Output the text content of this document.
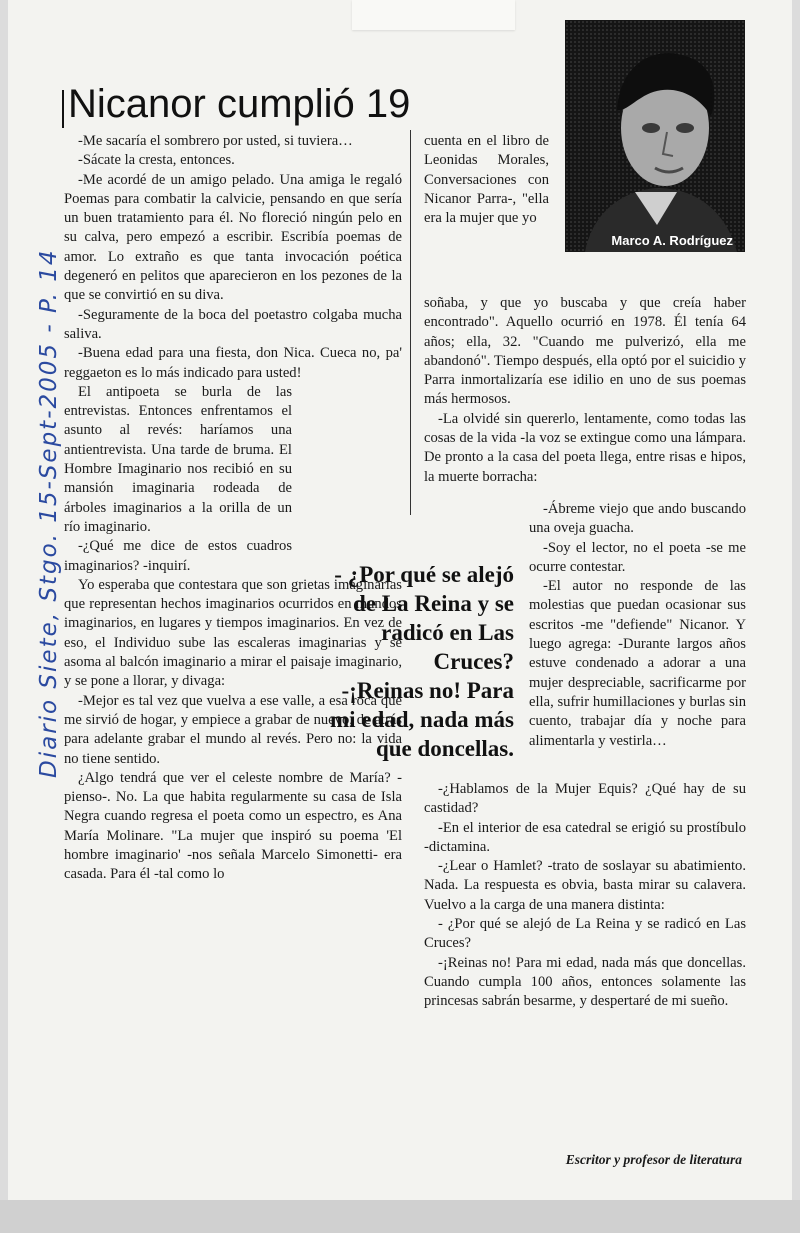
Diario Siete, Stgo. 15-Sept-2005 - P. 14
Nicanor cumplió 19
Marco A. Rodríguez

-Me sacaría el sombrero por usted, si tuviera…

-Sácate la cresta, entonces.

-Me acordé de un amigo pelado. Una amiga le regaló Poemas para combatir la calvicie, pensando en que sería un buen tratamiento para él. No floreció ningún pelo en su calva, pero empezó a escribir. Escribía poemas de amor. Lo extraño es que tanta invocación poética degeneró en pelitos que aparecieron en los pezones de la que se convirtió en su diva.

-Seguramente de la boca del poetastro colgaba mucha saliva.

-Buena edad para una fiesta, don Nica. Cueca no, pa' reggaeton es lo más indicado para usted!

El antipoeta se burla de las entrevistas. Entonces enfrentamos el asunto al revés: haríamos una antientrevista. Una tarde de bruma. El Hombre Imaginario nos recibió en su mansión imaginaria rodeada de árboles imaginarios a la orilla de un río imaginario.

-¿Qué me dice de estos cuadros imaginarios? -inquirí.

Yo esperaba que contestara que son grietas imaginarias que representan hechos imaginarios ocurridos en mundos imaginarios, en lugares y tiempos imaginarios. En vez de eso, el Individuo sube las escaleras imaginarias y se asoma al balcón imaginario a mirar el paisaje imaginario, y se pone a llorar, y divaga:

-Mejor es tal vez que vuelva a ese valle, a esa roca que me sirvió de hogar, y empiece a grabar de nuevo, de atrás para adelante grabar el mundo al revés. Pero no: la vida no tiene sentido.

¿Algo tendrá que ver el celeste nombre de María? -pienso-. No. La que habita regularmente su casa de Isla Negra cuando regresa el poeta como un espectro, es Ana María Molinare. "La mujer que inspiró su poema 'El hombre imaginario' -nos señala Marcelo Simonetti- era casada. Para él -tal como lo

cuenta en el libro de Leonidas Morales, Conversaciones con Nicanor Parra-, "ella era la mujer que yo

soñaba, y que yo buscaba y que creía haber encontrado". Aquello ocurrió en 1978. Él tenía 64 años; ella, 32. "Cuando me pulverizó, ella me abandonó". Tiempo después, ella optó por el suicidio y Parra inmortalizaría ese idilio en uno de sus poemas más hermosos.

-La olvidé sin quererlo, lentamente, como todas las cosas de la vida -la voz se extingue como una lámpara. De pronto a la casa del poeta llega, entre risas e hipos, la muerte borracha:

-Ábreme viejo que ando buscando una oveja guacha.

-Soy el lector, no el poeta -se me ocurre contestar.

-El autor no responde de las molestias que puedan ocasionar sus escritos -me "defiende" Nicanor. Y luego agrega: -Durante largos años estuve condenado a adorar a una mujer despreciable, sacrificarme por ella, sufrir humillaciones y burlas sin cuento, trabajar día y noche para alimentarla y vestirla…

-¿Hablamos de la Mujer Equis? ¿Qué hay de su castidad?

-En el interior de esa catedral se erigió su prostíbulo -dictamina.

-¿Lear o Hamlet? -trato de soslayar su abatimiento. Nada. La respuesta es obvia, basta mirar su calavera. Vuelvo a la carga de una manera distinta:

- ¿Por qué se alejó de La Reina y se radicó en Las Cruces?

-¡Reinas no! Para mi edad, nada más que doncellas. Cuando cumpla 100 años, entonces solamente las princesas sabrán besarme, y despertaré de mi sueño.

- ¿Por qué se alejó de La Reina y se radicó en Las Cruces?

-¡Reinas no! Para mi edad, nada más que doncellas.

Escritor y profesor de literatura
